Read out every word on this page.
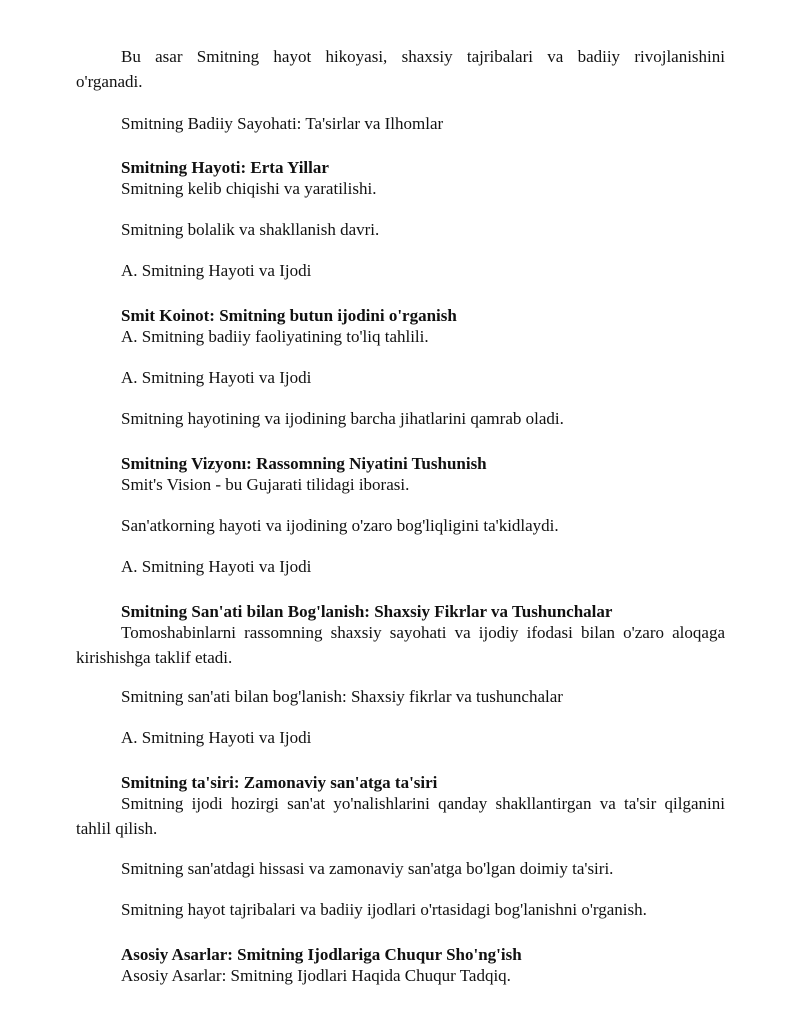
Bu asar Smitning hayot hikoyasi, shaxsiy tajribalari va badiiy rivojlanishini
o'rganadi.
Smitning Badiiy Sayohati: Ta'sirlar va Ilhomlar
Smitning Hayoti: Erta Yillar
Smitning kelib chiqishi va yaratilishi.
Smitning bolalik va shakllanish davri.
A. Smitning Hayoti va Ijodi
Smit Koinot: Smitning butun ijodini o'rganish
A. Smitning badiiy faoliyatining to'liq tahlili.
A. Smitning Hayoti va Ijodi
Smitning hayotining va ijodining barcha jihatlarini qamrab oladi.
Smitning Vizyonı: Rassomning Niyatini Tushunish
Smit's Vision - bu Gujarati tilidagi iborasi.
San'atkorning hayoti va ijodining o'zaro bog'liqligini ta'kidlaydi.
A. Smitning Hayoti va Ijodi
Smitning San'ati bilan Bog'lanish: Shaxsiy Fikrlar va Tushunchalar
Tomoshabinlarni rassomning shaxsiy sayohati va ijodiy ifodasi bilan o'zaro aloqaga
kirishishga taklif etadi.
Smitning san'ati bilan bog'lanish: Shaxsiy fikrlar va tushunchalar
A. Smitning Hayoti va Ijodi
Smitning ta'siri: Zamonaviy san'atga ta'siri
Smitning ijodi hozirgi san'at yo'nalishlarini qanday shakllantirgan va ta'sir qilganini
tahlil qilish.
Smitning san'atdagi hissasi va zamonaviy san'atga bo'lgan doimiy ta'siri.
Smitning hayot tajribalari va badiiy ijodlari o'rtasidagi bog'lanishni o'rganish.
Asosiy Asarlar: Smitning Ijodlariga Chuqur Sho'ng'ish
Asosiy Asarlar: Smitning Ijodlari Haqida Chuqur Tadqiq.
